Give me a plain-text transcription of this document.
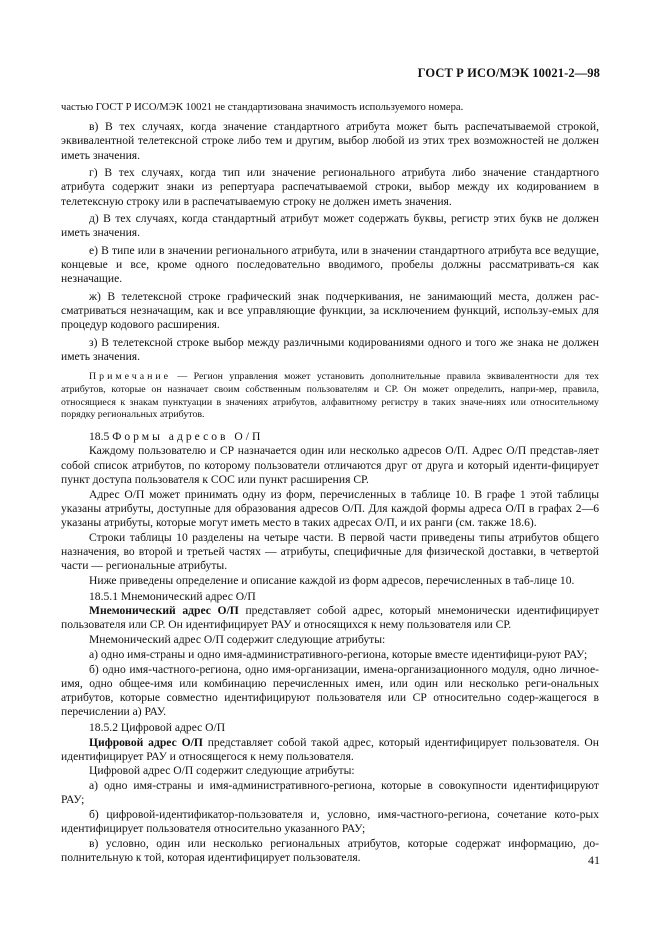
ГОСТ Р ИСО/МЭК 10021-2—98

частью ГОСТ Р ИСО/МЭК 10021 не стандартизована значимость используемого номера.

в) В тех случаях, когда значение стандартного атрибута может быть распечатываемой строкой, эквивалентной телетексной строке либо тем и другим, выбор любой из этих трех возможностей не должен иметь значения.

г) В тех случаях, когда тип или значение регионального атрибута либо значение стандартного атрибута содержит знаки из репертуара распечатываемой строки, выбор между их кодированием в телетексную строку или в распечатываемую строку не должен иметь значения.

д) В тех случаях, когда стандартный атрибут может содержать буквы, регистр этих букв не должен иметь значения.

е) В типе или в значении регионального атрибута, или в значении стандартного атрибута все ведущие, концевые и все, кроме одного последовательно вводимого, пробелы должны рассматривать-ся как незначащие.

ж) В телетексной строке графический знак подчеркивания, не занимающий места, должен рас-сматриваться незначащим, как и все управляющие функции, за исключением функций, использу-емых для процедур кодового расширения.

з) В телетексной строке выбор между различными кодированиями одного и того же знака не должен иметь значения.

Примечание — Регион управления может установить дополнительные правила эквивалентности для тех атрибутов, которые он назначает своим собственным пользователям и СР. Он может определить, напри-мер, правила, относящиеся к знакам пунктуации в значениях атрибутов, алфавитному регистру в таких значе-ниях или относительному порядку региональных атрибутов.

18.5 Формы адресов О/П

Каждому пользователю и СР назначается один или несколько адресов О/П. Адрес О/П представ-ляет собой список атрибутов, по которому пользователи отличаются друг от друга и который иденти-фицирует пункт доступа пользователя к СОС или пункт расширения СР.

Адрес О/П может принимать одну из форм, перечисленных в таблице 10. В графе 1 этой таблицы указаны атрибуты, доступные для образования адресов О/П. Для каждой формы адреса О/П в графах 2—6 указаны атрибуты, которые могут иметь место в таких адресах О/П, и их ранги (см. также 18.6).

Строки таблицы 10 разделены на четыре части. В первой части приведены типы атрибутов общего назначения, во второй и третьей частях — атрибуты, специфичные для физической доставки, в четвертой части — региональные атрибуты.

Ниже приведены определение и описание каждой из форм адресов, перечисленных в таб-лице 10.

18.5.1 Мнемонический адрес О/П

Мнемонический адрес О/П представляет собой адрес, который мнемонически идентифицирует пользователя или СР. Он идентифицирует РАУ и относящихся к нему пользователя или СР.

Мнемонический адрес О/П содержит следующие атрибуты:

а) одно имя-страны и одно имя-административного-региона, которые вместе идентифици-руют РАУ;

б) одно имя-частного-региона, одно имя-организации, имена-организационного модуля, одно личное-имя, одно общее-имя или комбинацию перечисленных имен, или один или несколько реги-ональных атрибутов, которые совместно идентифицируют пользователя или СР относительно содер-жащегося в перечислении а) РАУ.

18.5.2 Цифровой адрес О/П

Цифровой адрес О/П представляет собой такой адрес, который идентифицирует пользователя. Он идентифицирует РАУ и относящегося к нему пользователя.

Цифровой адрес О/П содержит следующие атрибуты:

а) одно имя-страны и имя-административного-региона, которые в совокупности идентифицируют РАУ;

б) цифровой-идентификатор-пользователя и, условно, имя-частного-региона, сочетание кото-рых идентифицирует пользователя относительно указанного РАУ;

в) условно, один или несколько региональных атрибутов, которые содержат информацию, до-полнительную к той, которая идентифицирует пользователя.	41
